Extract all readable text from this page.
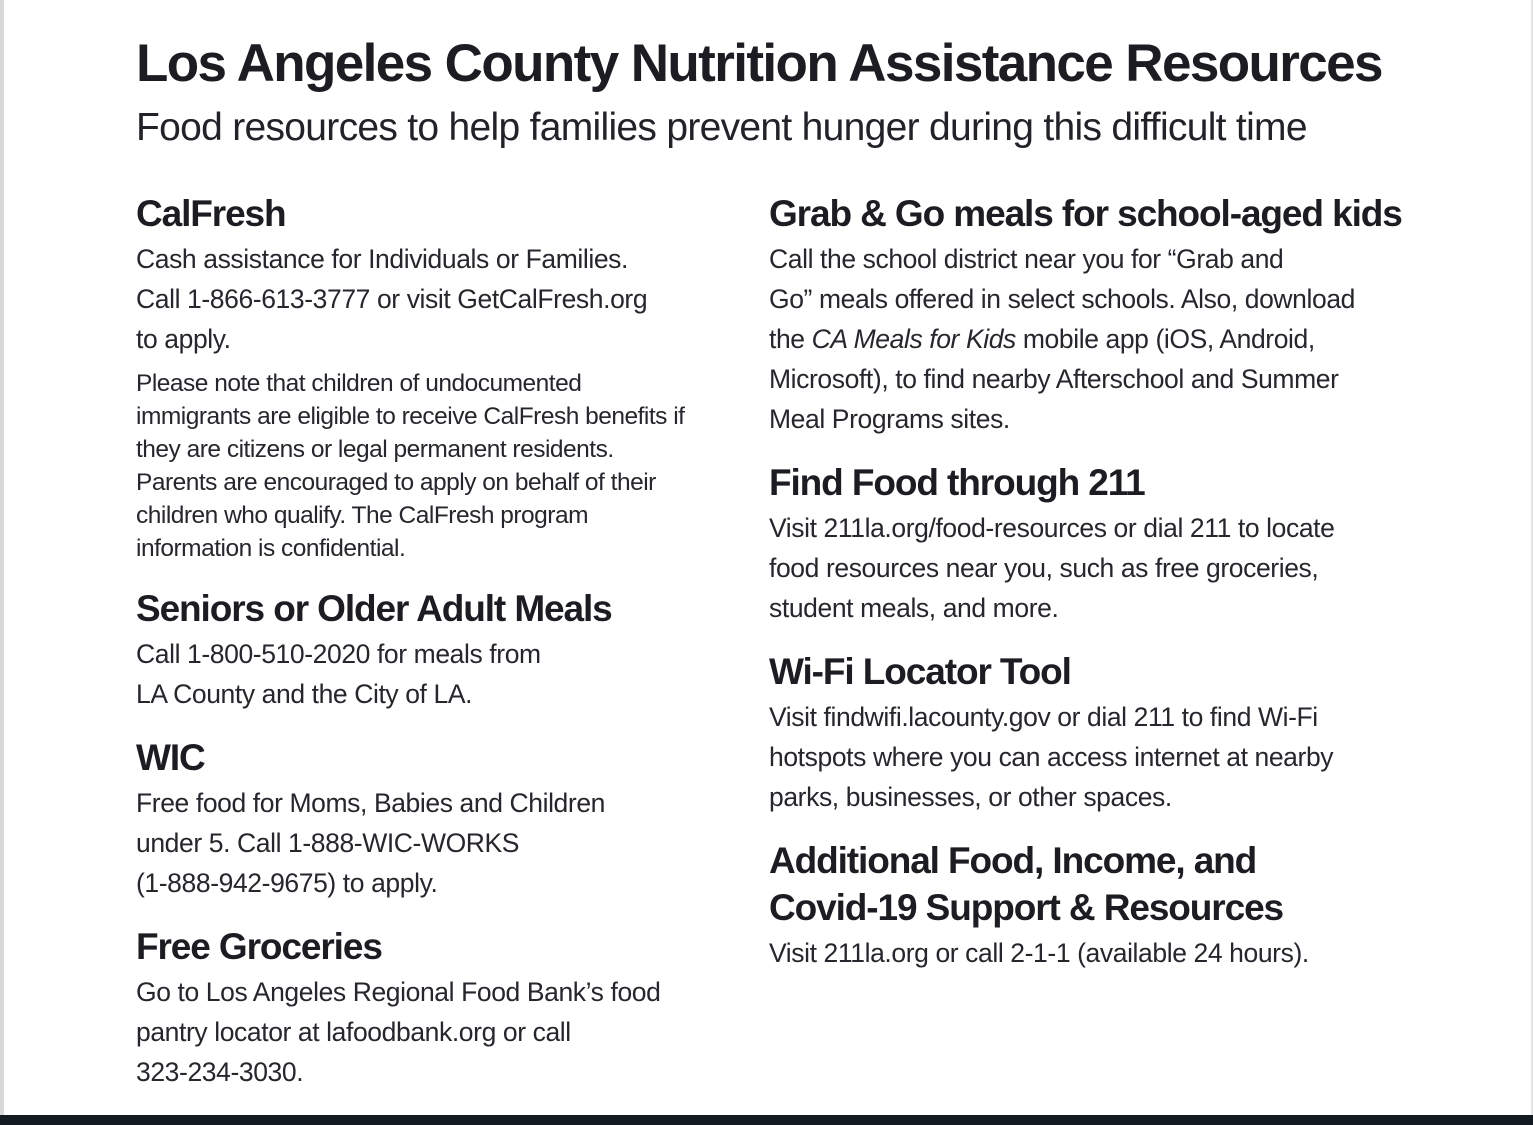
Los Angeles County Nutrition Assistance Resources
Food resources to help families prevent hunger during this difficult time
CalFresh

Cash assistance for Individuals or Families.
Call 1-866-613-3777 or visit GetCalFresh.org
to apply.

Please note that children of undocumented
immigrants are eligible to receive CalFresh benefits if
they are citizens or legal permanent residents.
Parents are encouraged to apply on behalf of their
children who qualify. The CalFresh program
information is confidential.

Seniors or Older Adult Meals

Call 1-800-510-2020 for meals from
LA County and the City of LA.

WIC

Free food for Moms, Babies and Children
under 5. Call 1-888-WIC-WORKS
(1-888-942-9675) to apply.

Free Groceries

Go to Los Angeles Regional Food Bank’s food
pantry locator at lafoodbank.org or call
323-234-3030.

Grab & Go meals for school-aged kids

Call the school district near you for “Grab and
Go” meals offered in select schools. Also, download
the CA Meals for Kids mobile app (iOS, Android,
Microsoft), to find nearby Afterschool and Summer
Meal Programs sites.

Find Food through 211

Visit 211la.org/food-resources or dial 211 to locate
food resources near you, such as free groceries,
student meals, and more.

Wi-Fi Locator Tool

Visit findwifi.lacounty.gov or dial 211 to find Wi-Fi
hotspots where you can access internet at nearby
parks, businesses, or other spaces.

Additional Food, Income, and
Covid-19 Support & Resources

Visit 211la.org or call 2-1-1 (available 24 hours).
